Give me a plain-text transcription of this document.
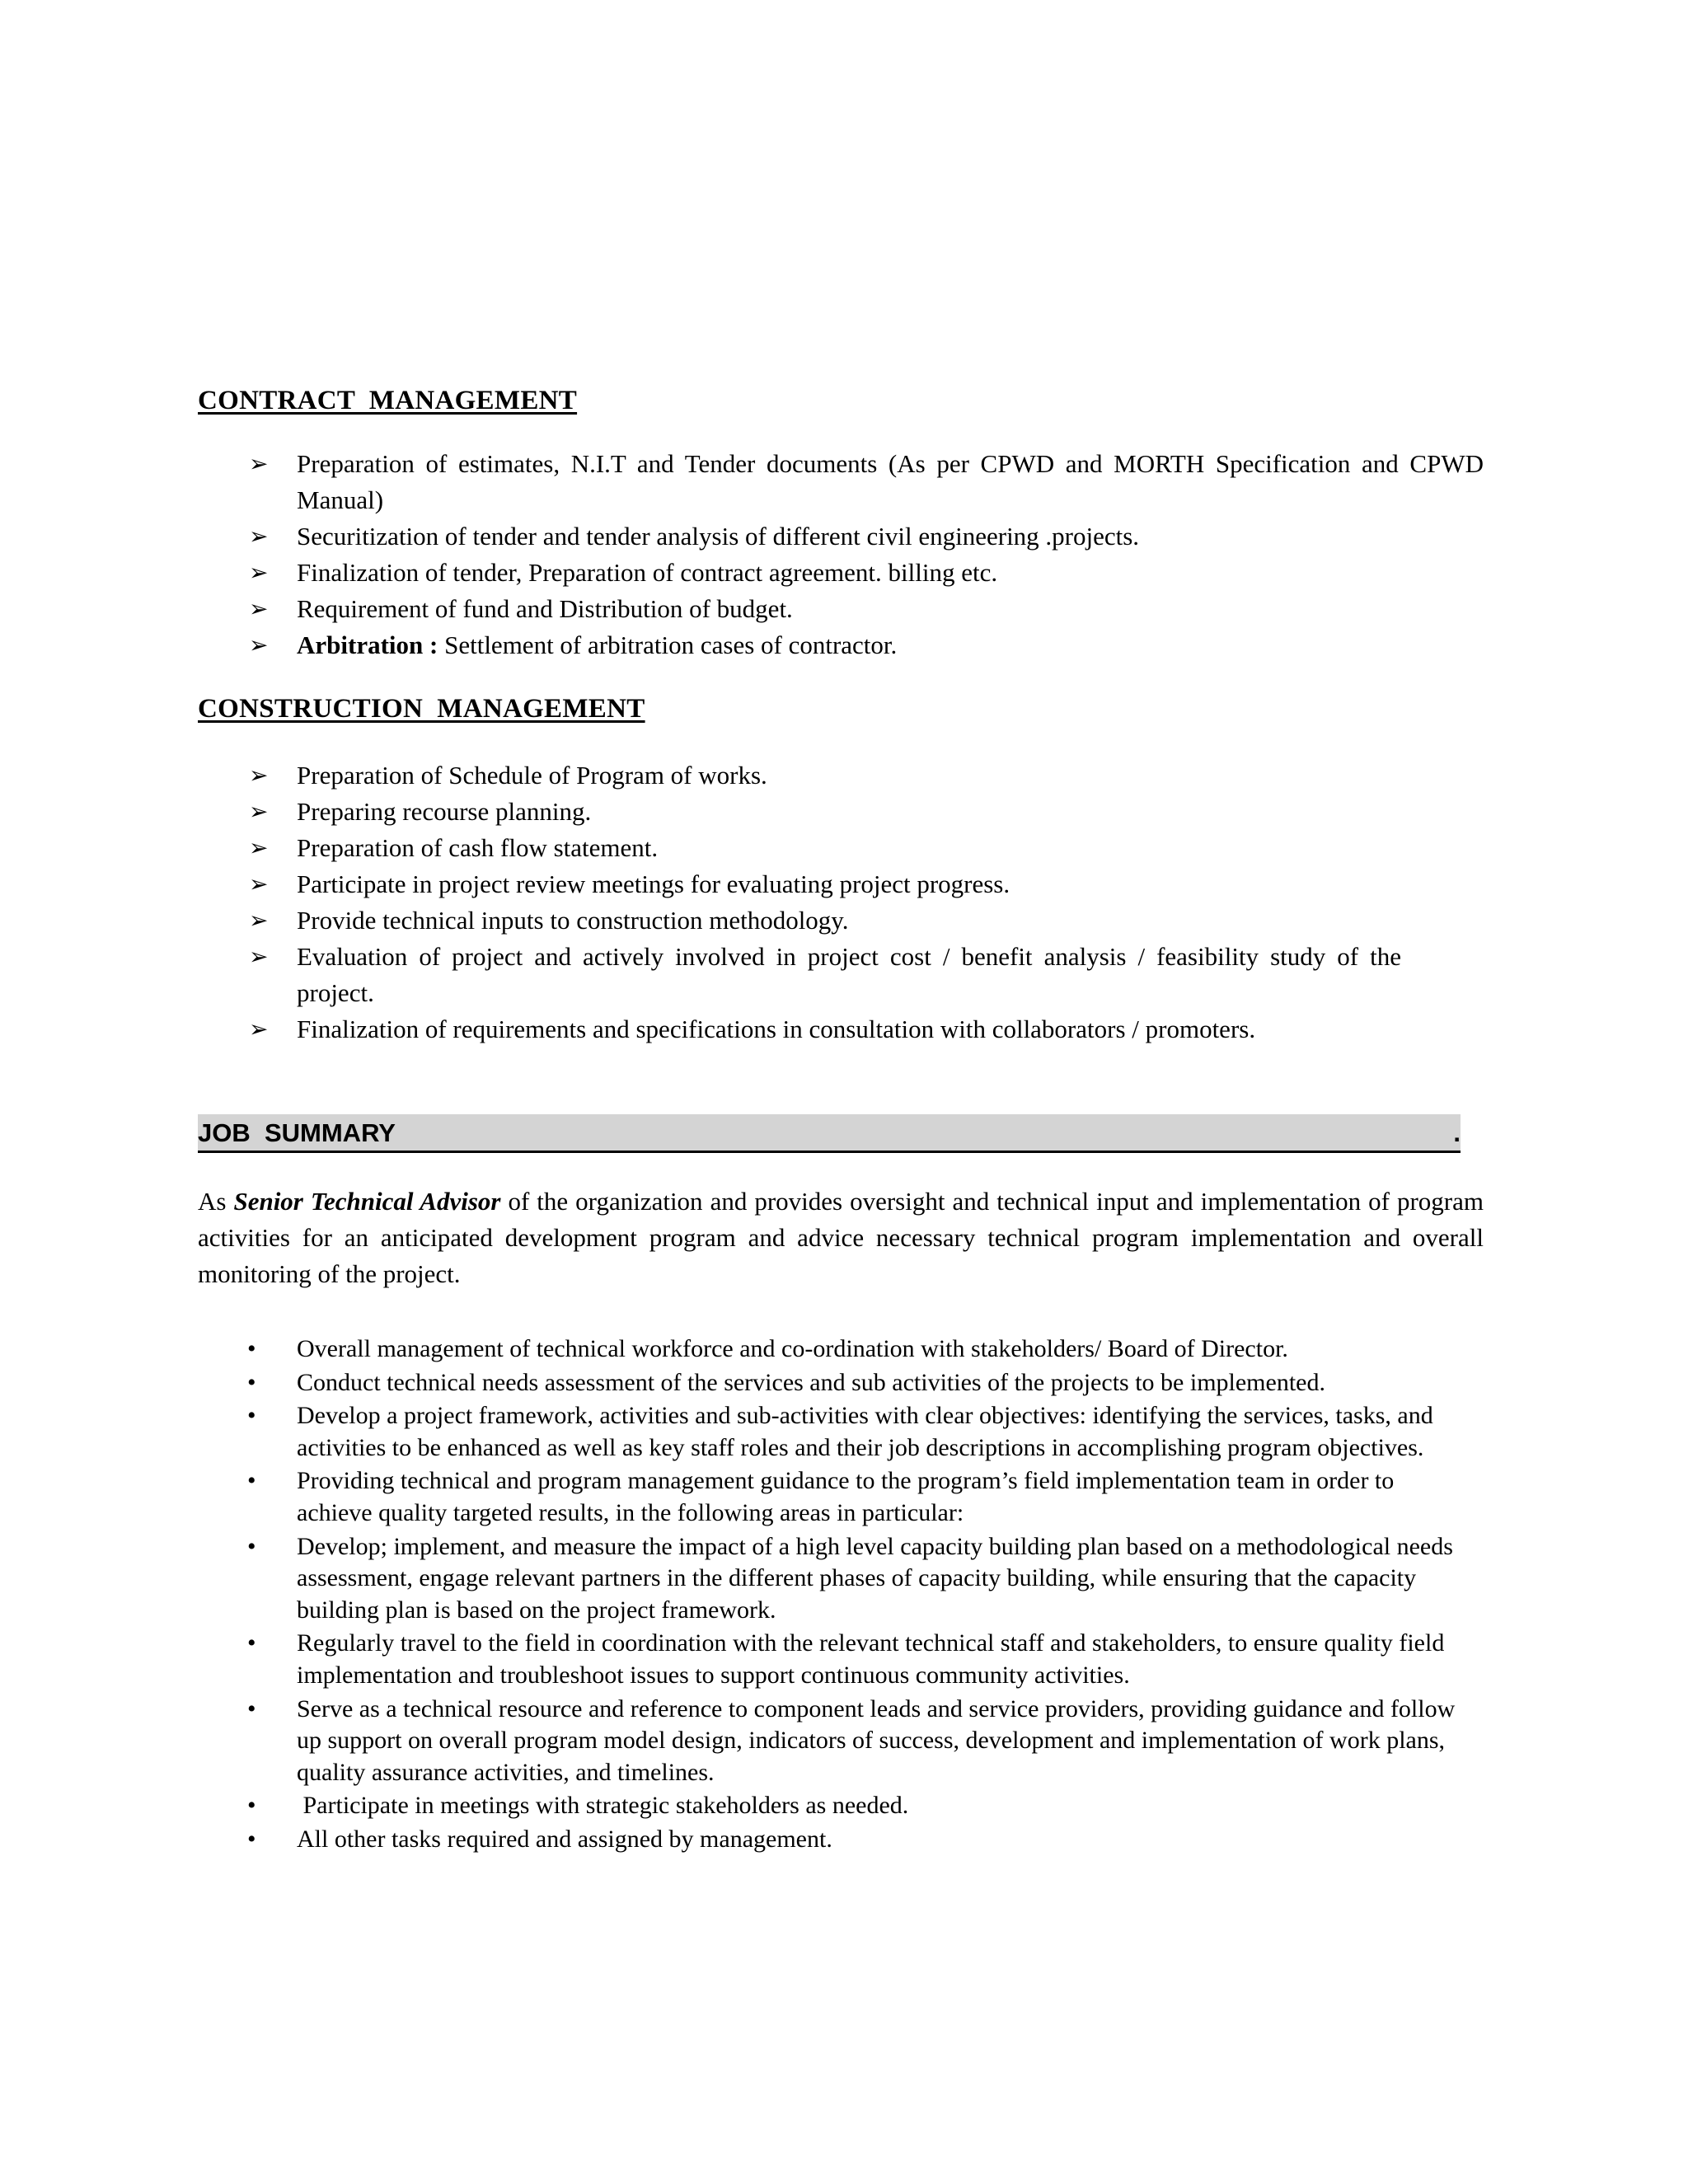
CONTRACT  MANAGEMENT
➢ Preparation of estimates, N.I.T and Tender documents (As per CPWD and MORTH Specification and CPWD Manual)
➢ Securitization of tender and tender analysis of different civil engineering .projects.
➢ Finalization of tender, Preparation of contract agreement. billing etc.
➢ Requirement of fund and Distribution of budget.
➢ Arbitration : Settlement of arbitration cases of contractor.
CONSTRUCTION  MANAGEMENT
➢ Preparation of Schedule of Program of works.
➢ Preparing recourse planning.
➢ Preparation of cash flow statement.
➢ Participate in project review meetings for evaluating project progress.
➢ Provide technical inputs to construction methodology.
➢ Evaluation of project and actively involved in project cost / benefit analysis / feasibility study of the project.
➢ Finalization of requirements and specifications in consultation with collaborators / promoters.
JOB  SUMMARY	.

As Senior Technical Advisor of the organization and provides oversight and technical input and implementation of program activities for an anticipated development program and advice necessary technical program implementation and overall monitoring of the project.

• Overall management of technical workforce and co-ordination with stakeholders/ Board of Director.
• Conduct technical needs assessment of the services and sub activities of the projects to be implemented.
• Develop a project framework, activities and sub-activities with clear objectives: identifying the services, tasks, and activities to be enhanced as well as key staff roles and their job descriptions in accomplishing program objectives.
• Providing technical and program management guidance to the program’s field implementation team in order to achieve quality targeted results, in the following areas in particular:
• Develop; implement, and measure the impact of a high level capacity building plan based on a methodological needs assessment, engage relevant partners in the different phases of capacity building, while ensuring that the capacity building plan is based on the project framework.
• Regularly travel to the field in coordination with the relevant technical staff and stakeholders, to ensure quality field implementation and troubleshoot issues to support continuous community activities.
• Serve as a technical resource and reference to component leads and service providers, providing guidance and follow up support on overall program model design, indicators of success, development and implementation of work plans, quality assurance activities, and timelines.
• Participate in meetings with strategic stakeholders as needed.
• All other tasks required and assigned by management.
